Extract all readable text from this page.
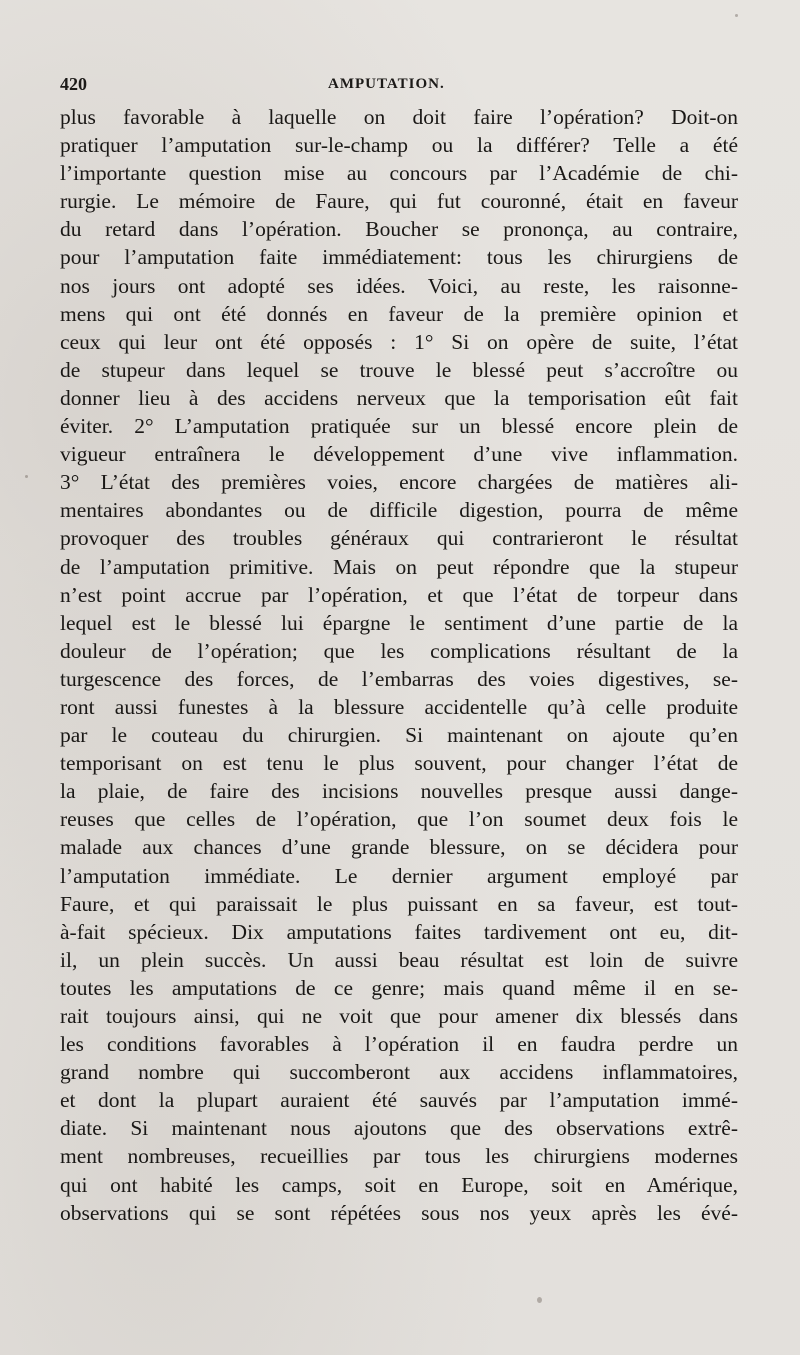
420	AMPUTATION.
plus favorable à laquelle on doit faire l’opération? Doit-on
pratiquer l’amputation sur-le-champ ou la différer? Telle a été
l’importante question mise au concours par l’Académie de chi-
rurgie. Le mémoire de Faure, qui fut couronné, était en faveur
du retard dans l’opération. Boucher se prononça, au contraire,
pour l’amputation faite immédiatement: tous les chirurgiens de
nos jours ont adopté ses idées. Voici, au reste, les raisonne-
mens qui ont été donnés en faveur de la première opinion et
ceux qui leur ont été opposés : 1° Si on opère de suite, l’état
de stupeur dans lequel se trouve le blessé peut s’accroître ou
donner lieu à des accidens nerveux que la temporisation eût fait
éviter. 2° L’amputation pratiquée sur un blessé encore plein de
vigueur entraînera le développement d’une vive inflammation.
3° L’état des premières voies, encore chargées de matières ali-
mentaires abondantes ou de difficile digestion, pourra de même
provoquer des troubles généraux qui contrarieront le résultat
de l’amputation primitive. Mais on peut répondre que la stupeur
n’est point accrue par l’opération, et que l’état de torpeur dans
lequel est le blessé lui épargne le sentiment d’une partie de la
douleur de l’opération; que les complications résultant de la
turgescence des forces, de l’embarras des voies digestives, se-
ront aussi funestes à la blessure accidentelle qu’à celle produite
par le couteau du chirurgien. Si maintenant on ajoute qu’en
temporisant on est tenu le plus souvent, pour changer l’état de
la plaie, de faire des incisions nouvelles presque aussi dange-
reuses que celles de l’opération, que l’on soumet deux fois le
malade aux chances d’une grande blessure, on se décidera pour
l’amputation immédiate. Le dernier argument employé par
Faure, et qui paraissait le plus puissant en sa faveur, est tout-
à-fait spécieux. Dix amputations faites tardivement ont eu, dit-
il, un plein succès. Un aussi beau résultat est loin de suivre
toutes les amputations de ce genre; mais quand même il en se-
rait toujours ainsi, qui ne voit que pour amener dix blessés dans
les conditions favorables à l’opération il en faudra perdre un
grand nombre qui succomberont aux accidens inflammatoires,
et dont la plupart auraient été sauvés par l’amputation immé-
diate. Si maintenant nous ajoutons que des observations extrê-
ment nombreuses, recueillies par tous les chirurgiens modernes
qui ont habité les camps, soit en Europe, soit en Amérique,
observations qui se sont répétées sous nos yeux après les évé-
